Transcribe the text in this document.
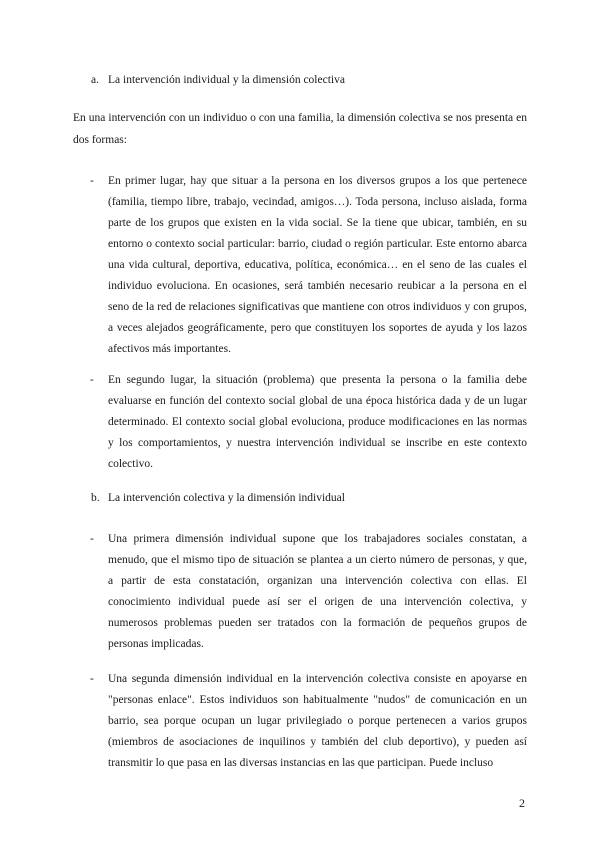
a. La intervención individual y la dimensión colectiva

En una intervención con un individuo o con una familia, la dimensión colectiva se nos presenta en dos formas:

- En primer lugar, hay que situar a la persona en los diversos grupos a los que pertenece (familia, tiempo libre, trabajo, vecindad, amigos…). Toda persona, incluso aislada, forma parte de los grupos que existen en la vida social. Se la tiene que ubicar, también, en su entorno o contexto social particular: barrio, ciudad o región particular. Este entorno abarca una vida cultural, deportiva, educativa, política, económica… en el seno de las cuales el individuo evoluciona. En ocasiones, será también necesario reubicar a la persona en el seno de la red de relaciones significativas que mantiene con otros individuos y con grupos, a veces alejados geográficamente, pero que constituyen los soportes de ayuda y los lazos afectivos más importantes.
- En segundo lugar, la situación (problema) que presenta la persona o la familia debe evaluarse en función del contexto social global de una época histórica dada y de un lugar determinado. El contexto social global evoluciona, produce modificaciones en las normas y los comportamientos, y nuestra intervención individual se inscribe en este contexto colectivo.
b. La intervención colectiva y la dimensión individual
- Una primera dimensión individual supone que los trabajadores sociales constatan, a menudo, que el mismo tipo de situación se plantea a un cierto número de personas, y que, a partir de esta constatación, organizan una intervención colectiva con ellas. El conocimiento individual puede así ser el origen de una intervención colectiva, y numerosos problemas pueden ser tratados con la formación de pequeños grupos de personas implicadas.
- Una segunda dimensión individual en la intervención colectiva consiste en apoyarse en "personas enlace". Estos individuos son habitualmente "nudos" de comunicación en un barrio, sea porque ocupan un lugar privilegiado o porque pertenecen a varios grupos (miembros de asociaciones de inquilinos y también del club deportivo), y pueden así transmitir lo que pasa en las diversas instancias en las que participan. Puede incluso
2
